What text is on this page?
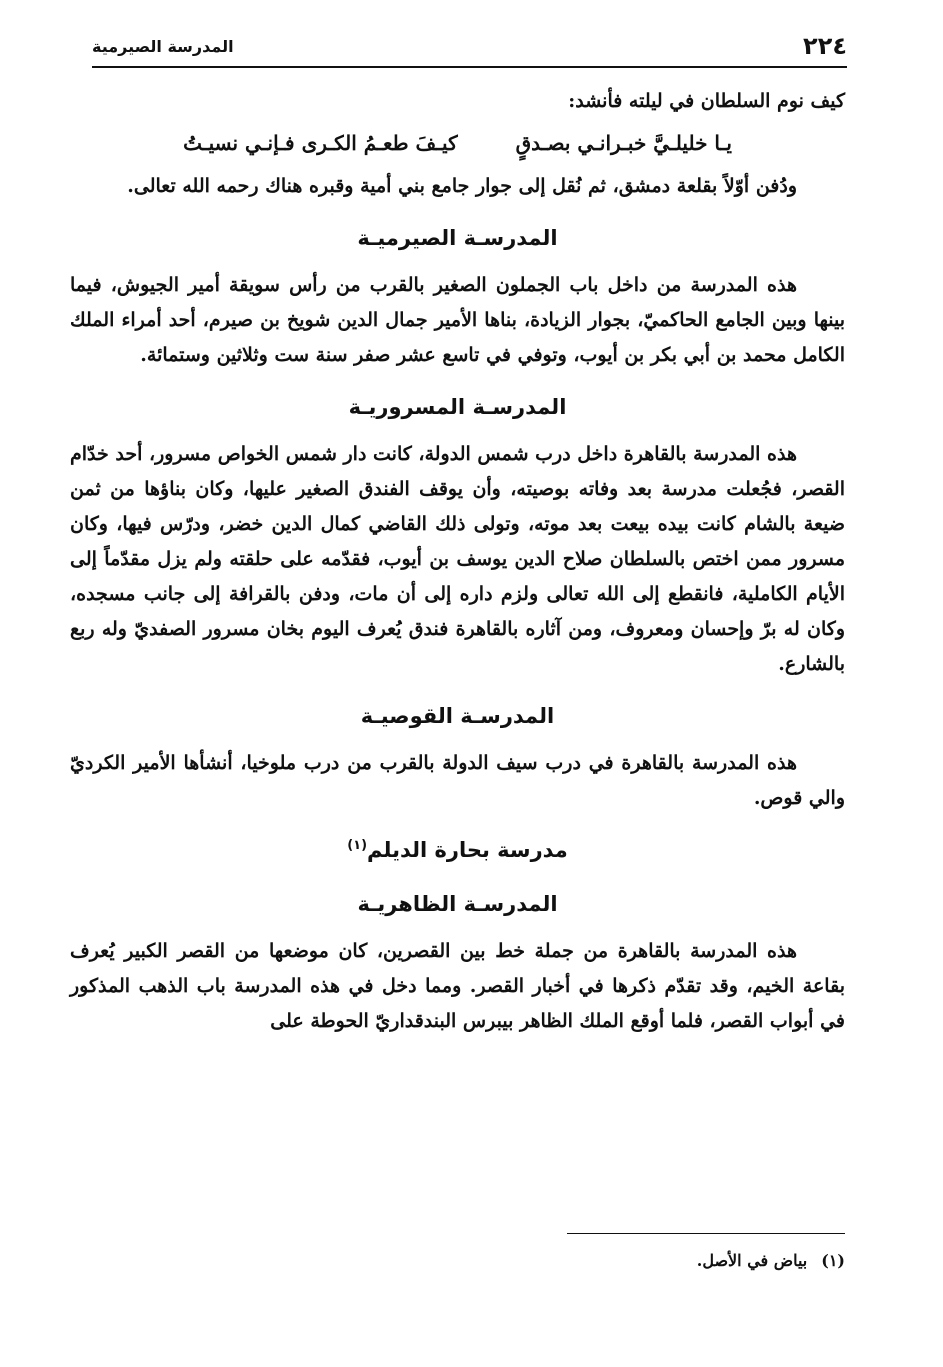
٢٢٤
المدرسة الصيرمية

كيف نوم السلطان في ليلته فأنشد:

يـا خليلـيَّ خبـرانـي بصـدقٍ
كيـفَ طعـمُ الكـرى فـإنـي نسيـتُ

ودُفن أوّلاً بقلعة دمشق، ثم نُقل إلى جوار جامع بني أمية وقبره هناك رحمه الله تعالى.

المدرسـة الصيرميـة

هذه المدرسة من داخل باب الجملون الصغير بالقرب من رأس سويقة أمير الجيوش، فيما بينها وبين الجامع الحاكميّ، بجوار الزيادة، بناها الأمير جمال الدين شويخ بن صيرم، أحد أمراء الملك الكامل محمد بن أبي بكر بن أيوب، وتوفي في تاسع عشر صفر سنة ست وثلاثين وستمائة.

المدرسـة المسروريـة

هذه المدرسة بالقاهرة داخل درب شمس الدولة، كانت دار شمس الخواص مسرور، أحد خدّام القصر، فجُعلت مدرسة بعد وفاته بوصيته، وأن يوقف الفندق الصغير عليها، وكان بناؤها من ثمن ضيعة بالشام كانت بيده بيعت بعد موته، وتولى ذلك القاضي كمال الدين خضر، ودرّس فيها، وكان مسرور ممن اختص بالسلطان صلاح الدين يوسف بن أيوب، فقدّمه على حلقته ولم يزل مقدّماً إلى الأيام الكاملية، فانقطع إلى الله تعالى ولزم داره إلى أن مات، ودفن بالقرافة إلى جانب مسجده، وكان له برّ وإحسان ومعروف، ومن آثاره بالقاهرة فندق يُعرف اليوم بخان مسرور الصفديّ وله ربع بالشارع.

المدرسـة القوصيـة

هذه المدرسة بالقاهرة في درب سيف الدولة بالقرب من درب ملوخيا، أنشأها الأمير الكرديّ والي قوص.

مدرسة بحارة الديلم$^{(١)}$
المدرسـة الظاهريـة

هذه المدرسة بالقاهرة من جملة خط بين القصرين، كان موضعها من القصر الكبير يُعرف بقاعة الخيم، وقد تقدّم ذكرها في أخبار القصر. ومما دخل في هذه المدرسة باب الذهب المذكور في أبواب القصر، فلما أوقع الملك الظاهر بيبرس البندقداريّ الحوطة على

(١)بياض في الأصل.
